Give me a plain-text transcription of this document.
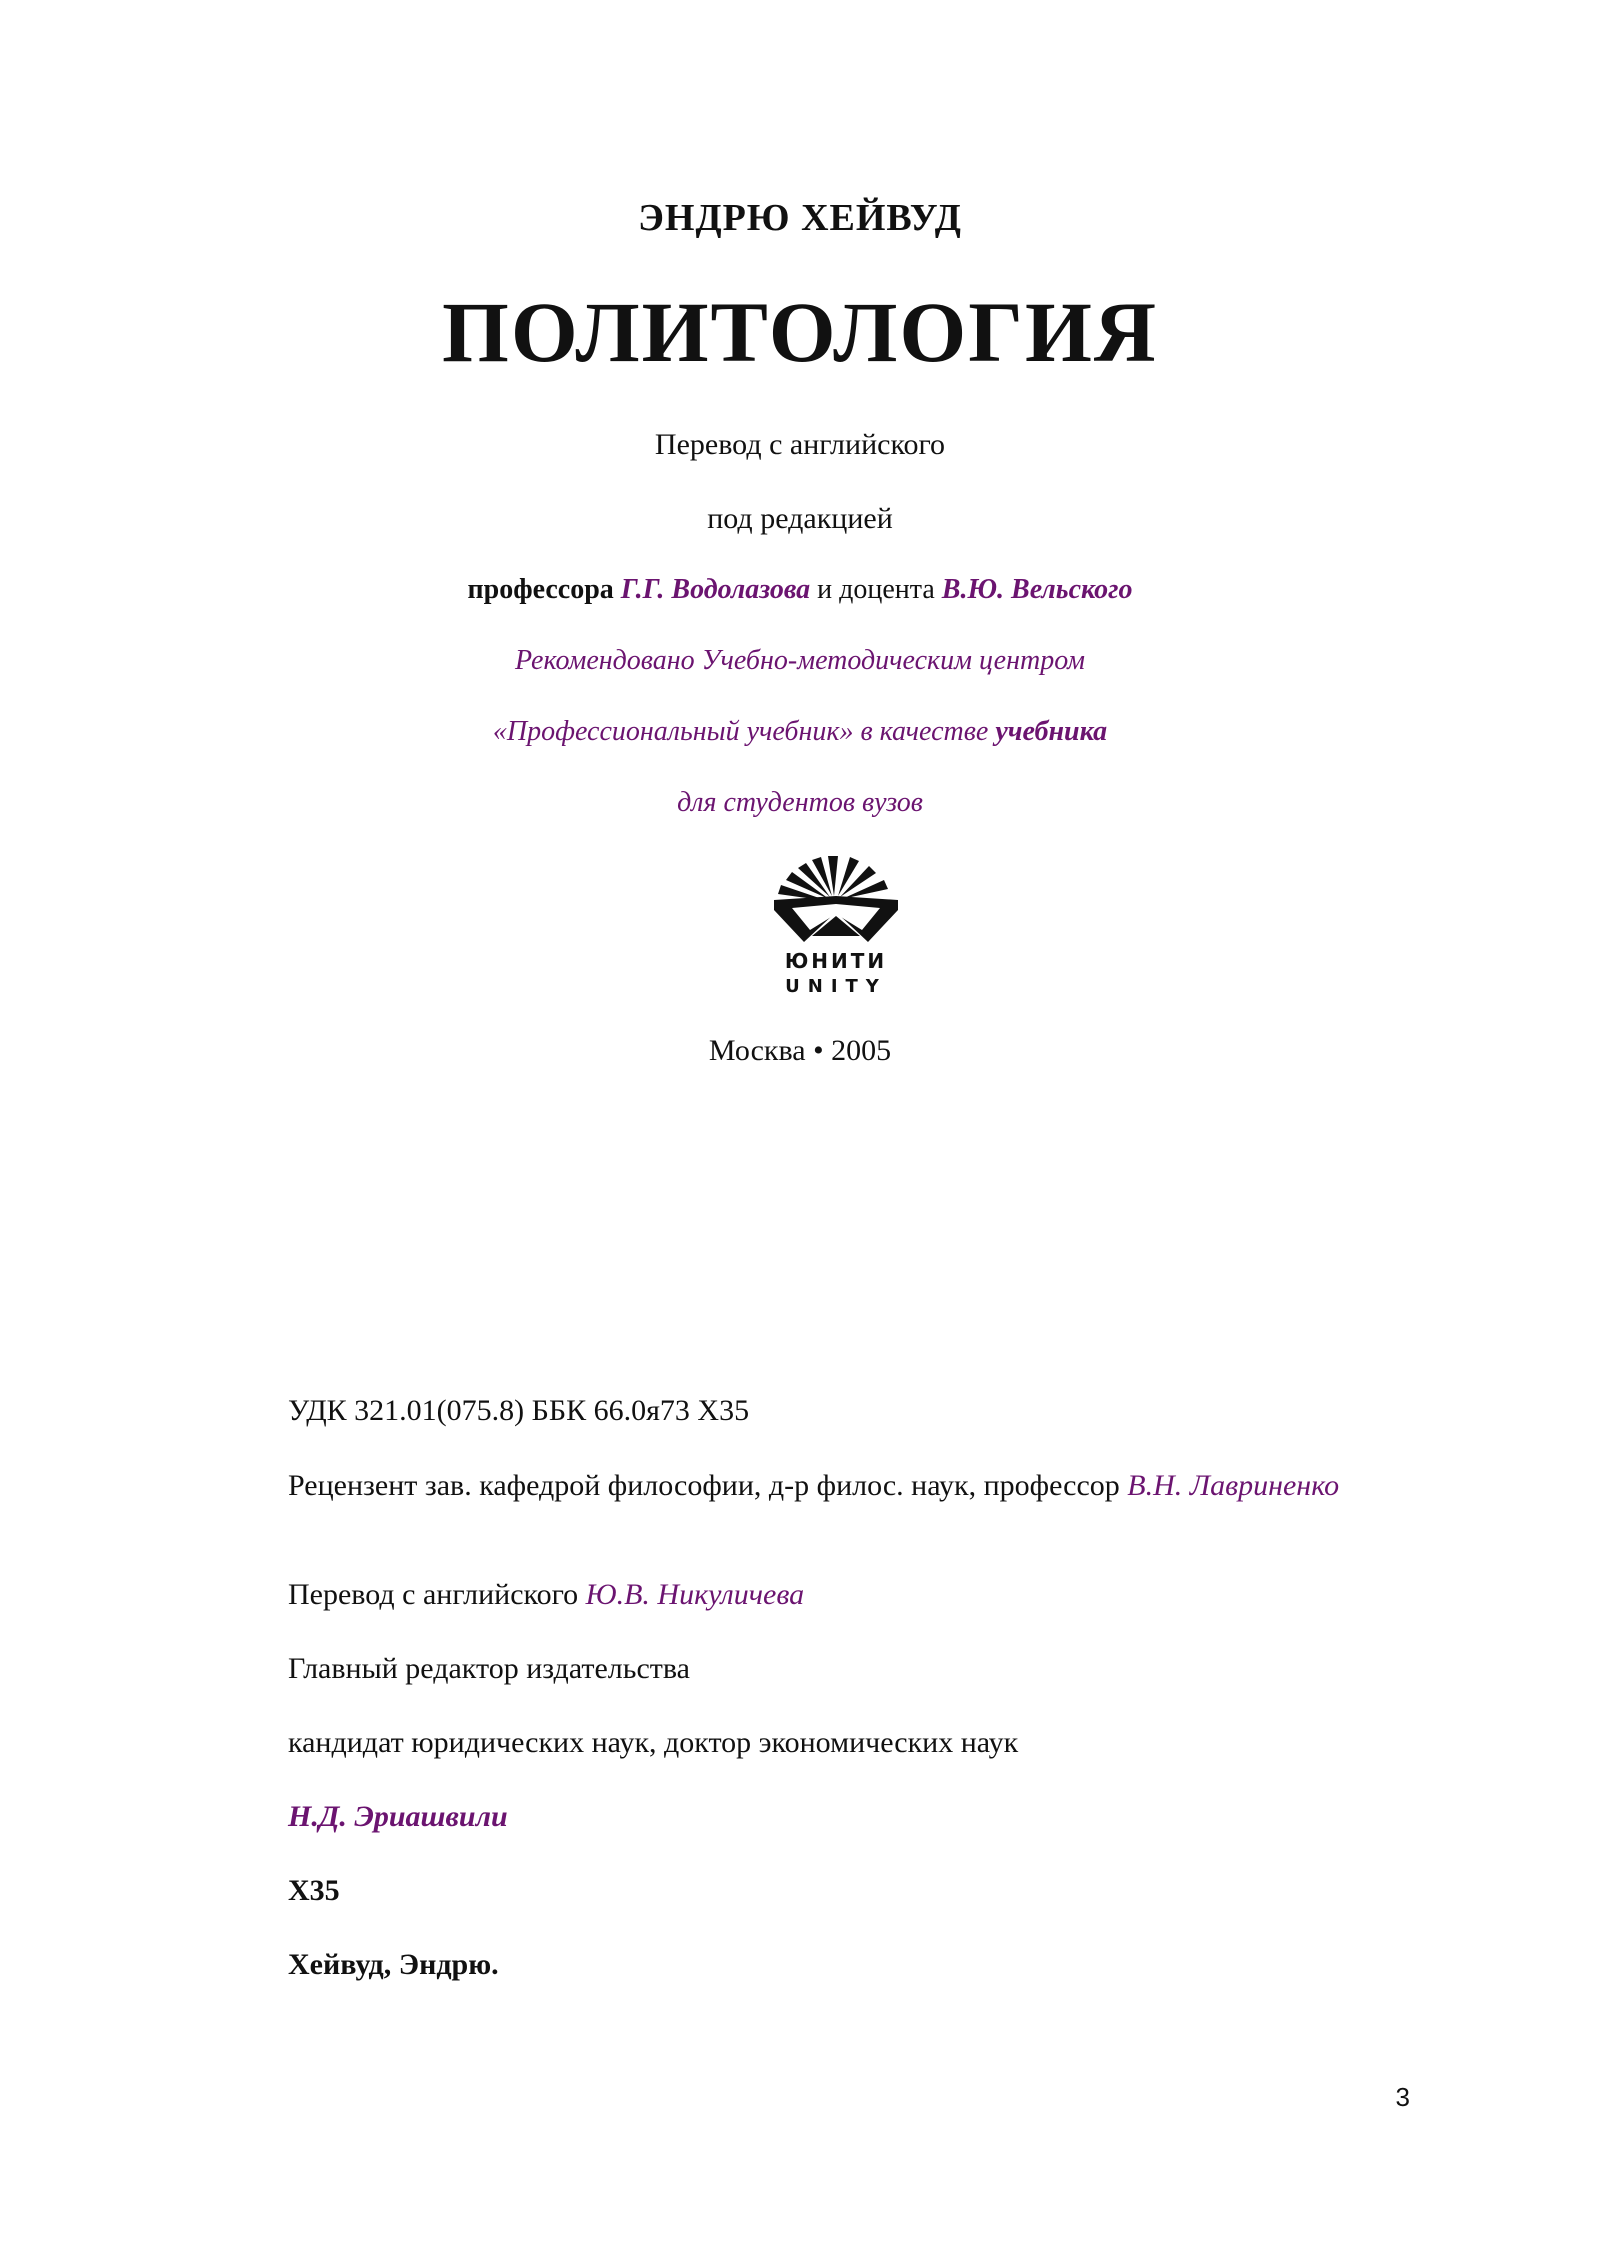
ЭНДРЮ ХЕЙВУД
ПОЛИТОЛОГИЯ
Перевод с английского
под редакцией
профессора Г.Г. Водолазова и доцента В.Ю. Вельского
Рекомендовано Учебно-методическим центром
«Профессиональный учебник» в качестве учебника
для студентов вузов
ЮНИТИ
UNITY
Москва • 2005
УДК 321.01(075.8) ББК 66.0я73 Х35
Рецензент зав. кафедрой философии, д-р филос. наук, профессор В.Н. Лавриненко
Перевод с английского Ю.В. Никуличева
Главный редактор издательства
кандидат юридических наук, доктор экономических наук
Н.Д. Эриашвили
Х35
Хейвуд, Эндрю.
3
